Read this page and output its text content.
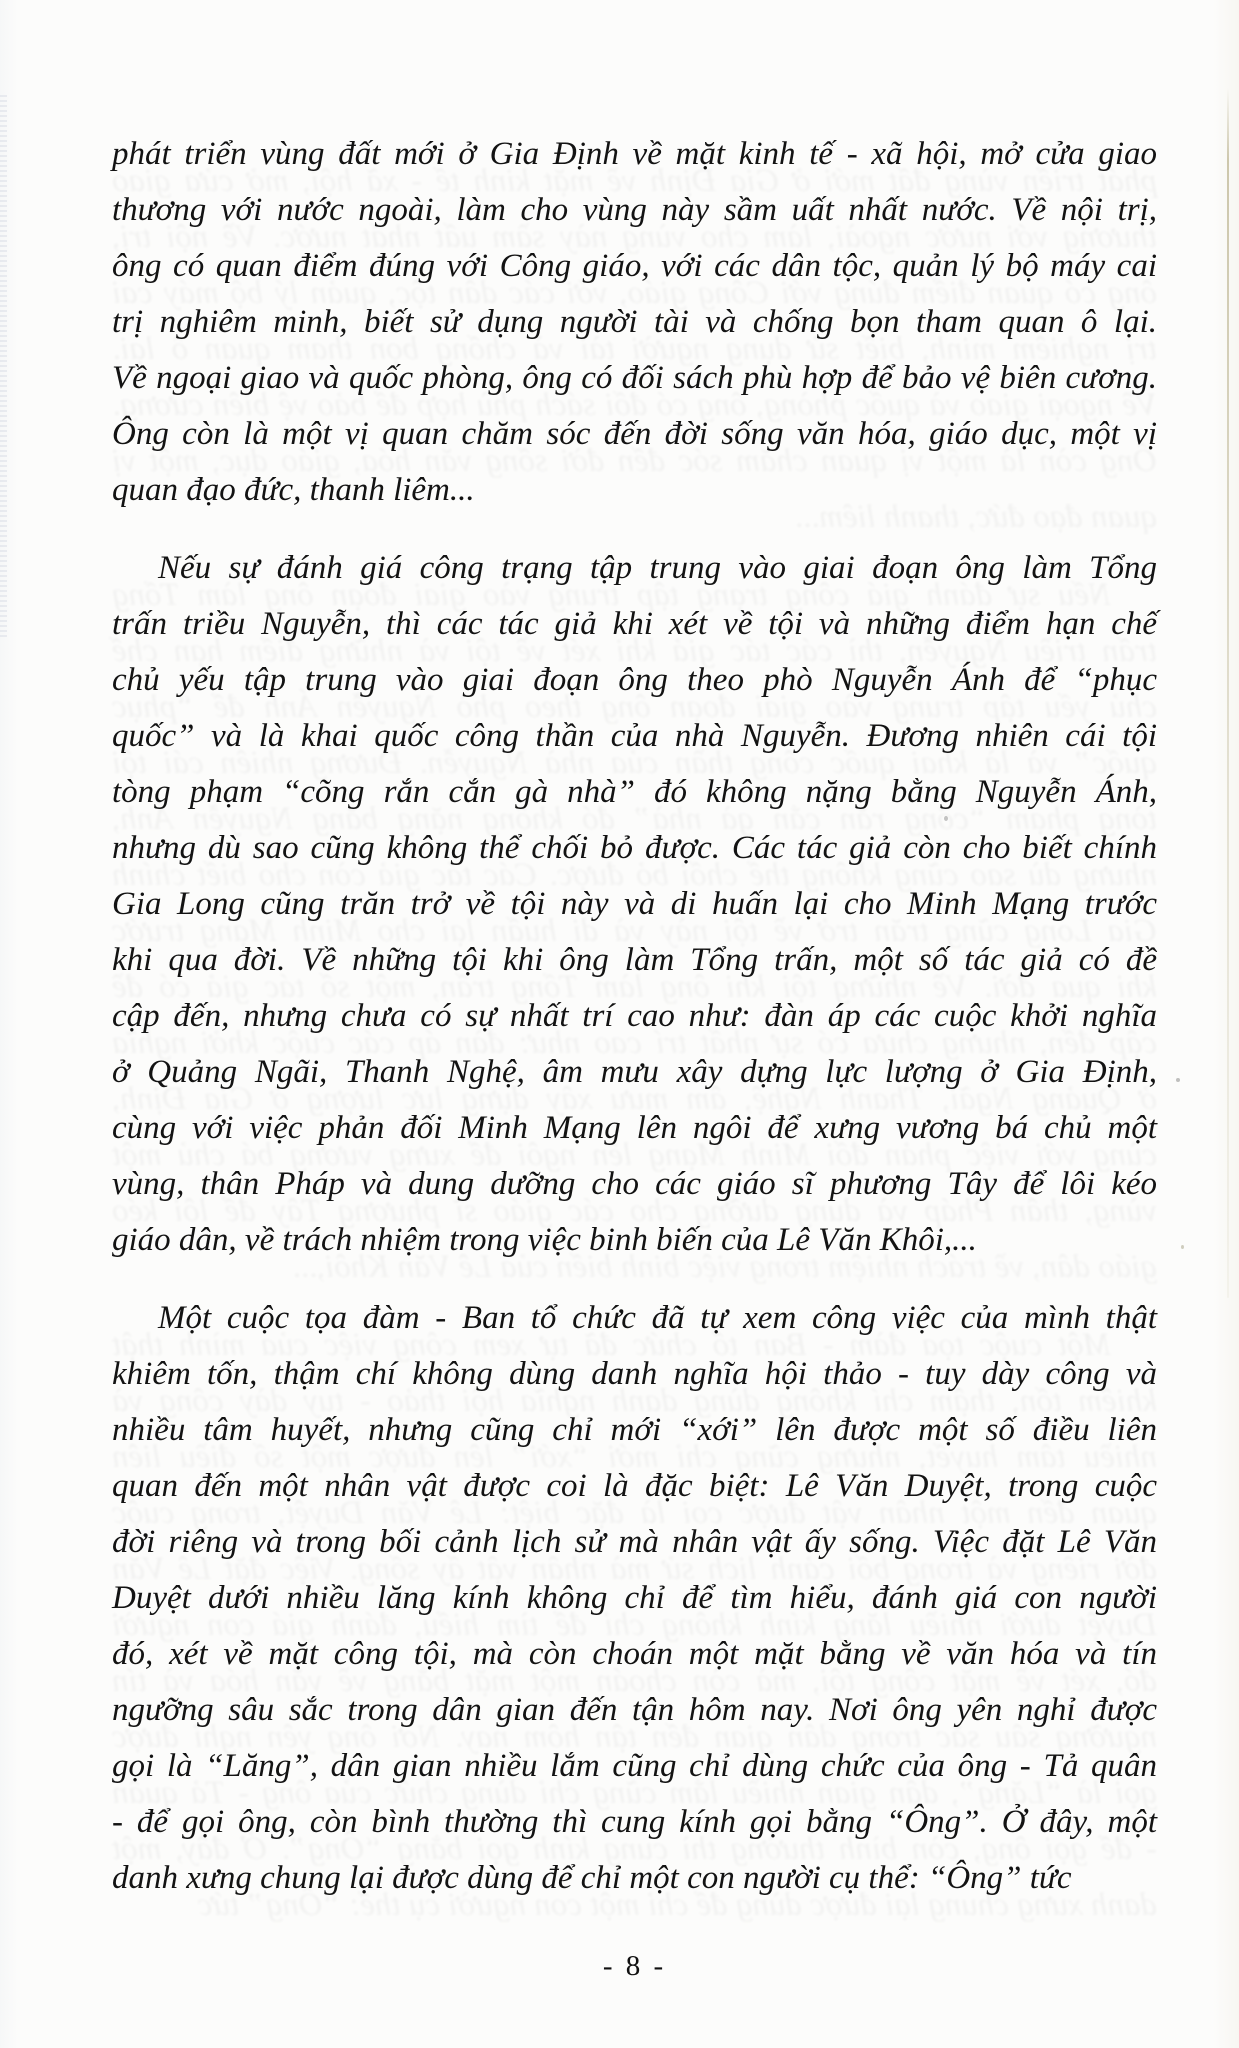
phát triển vùng đất mới ở Gia Định về mặt kinh tế - xã hội, mở cửa giao
thương với nước ngoài, làm cho vùng này sầm uất nhất nước. Về nội trị,
ông có quan điểm đúng với Công giáo, với các dân tộc, quản lý bộ máy cai
trị nghiêm minh, biết sử dụng người tài và chống bọn tham quan ô lại.
Về ngoại giao và quốc phòng, ông có đối sách phù hợp để bảo vệ biên cương.
Ông còn là một vị quan chăm sóc đến đời sống văn hóa, giáo dục, một vị
quan đạo đức, thanh liêm...
Nếu sự đánh giá công trạng tập trung vào giai đoạn ông làm Tổng
trấn triều Nguyễn, thì các tác giả khi xét về tội và những điểm hạn chế
chủ yếu tập trung vào giai đoạn ông theo phò Nguyễn Ánh để “phục
quốc” và là khai quốc công thần của nhà Nguyễn. Đương nhiên cái tội
tòng phạm “cõng rắn cắn gà nhà” đó không nặng bằng Nguyễn Ánh,
nhưng dù sao cũng không thể chối bỏ được. Các tác giả còn cho biết chính
Gia Long cũng trăn trở về tội này và di huấn lại cho Minh Mạng trước
khi qua đời. Về những tội khi ông làm Tổng trấn, một số tác giả có đề
cập đến, nhưng chưa có sự nhất trí cao như: đàn áp các cuộc khởi nghĩa
ở Quảng Ngãi, Thanh Nghệ, âm mưu xây dựng lực lượng ở Gia Định,
cùng với việc phản đối Minh Mạng lên ngôi để xưng vương bá chủ một
vùng, thân Pháp và dung dưỡng cho các giáo sĩ phương Tây để lôi kéo
giáo dân, về trách nhiệm trong việc binh biến của Lê Văn Khôi,...
Một cuộc tọa đàm - Ban tổ chức đã tự xem công việc của mình thật
khiêm tốn, thậm chí không dùng danh nghĩa hội thảo - tuy dày công và
nhiều tâm huyết, nhưng cũng chỉ mới “xới” lên được một số điều liên
quan đến một nhân vật được coi là đặc biệt: Lê Văn Duyệt, trong cuộc
đời riêng và trong bối cảnh lịch sử mà nhân vật ấy sống. Việc đặt Lê Văn
Duyệt dưới nhiều lăng kính không chỉ để tìm hiểu, đánh giá con người
đó, xét về mặt công tội, mà còn choán một mặt bằng về văn hóa và tín
ngưỡng sâu sắc trong dân gian đến tận hôm nay. Nơi ông yên nghỉ được
gọi là “Lăng”, dân gian nhiều lắm cũng chỉ dùng chức của ông - Tả quân
- để gọi ông, còn bình thường thì cung kính gọi bằng “Ông”. Ở đây, một
danh xưng chung lại được dùng để chỉ một con người cụ thể: “Ông” tức
- 8 -
